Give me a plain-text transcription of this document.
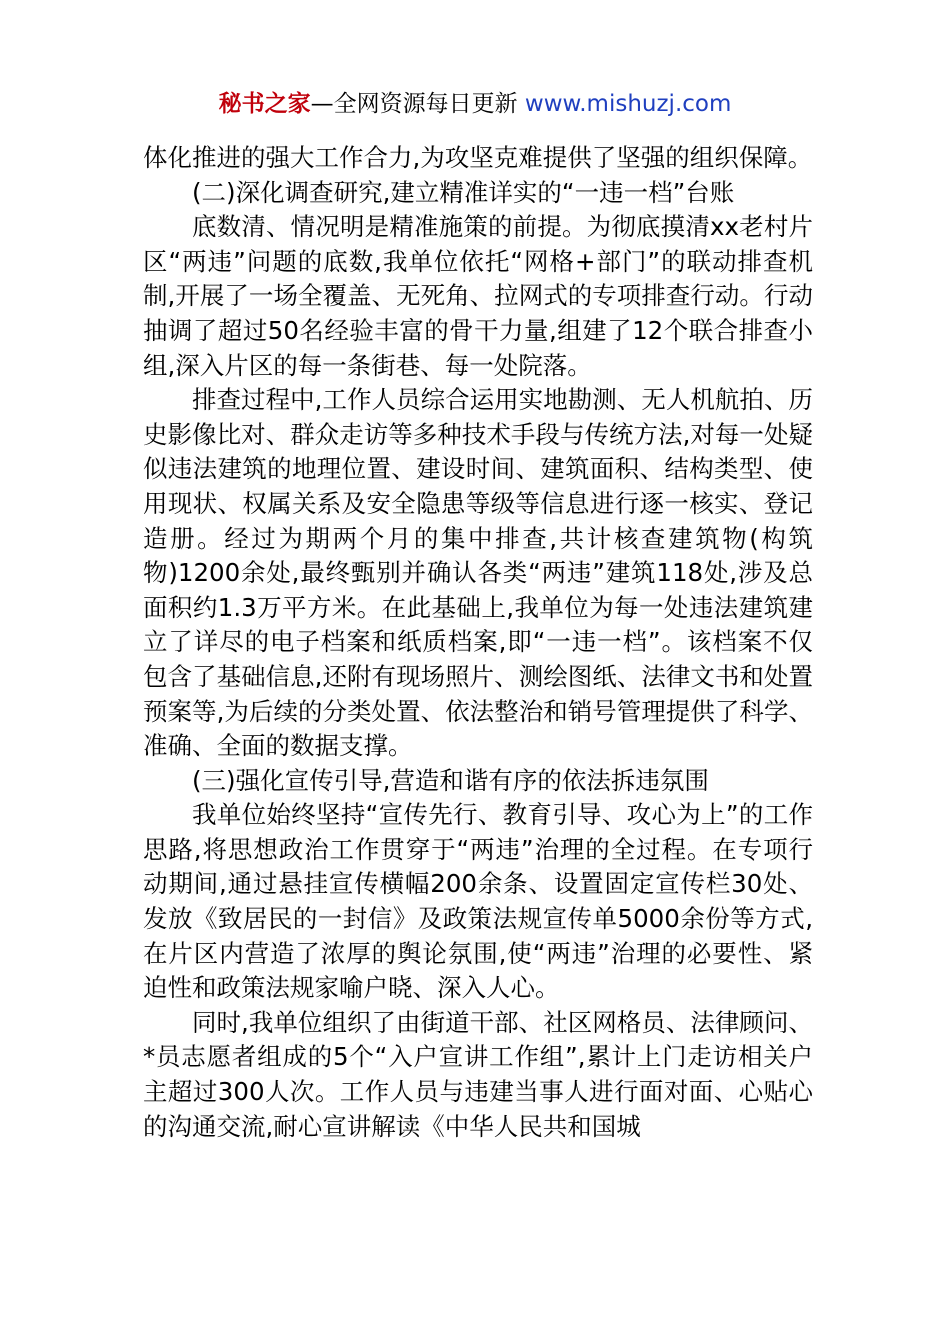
秘书之家—全网资源每日更新 www.mishuzj.com

体化推进的强大工作合力,为攻坚克难提供了坚强的组织保障。

(二)深化调查研究,建立精准详实的“一违一档”台账

底数清、情况明是精准施策的前提。为彻底摸清xx老村片区“两违”问题的底数,我单位依托“网格+部门”的联动排查机制,开展了一场全覆盖、无死角、拉网式的专项排查行动。行动抽调了超过50名经验丰富的骨干力量,组建了12个联合排查小组,深入片区的每一条街巷、每一处院落。

排查过程中,工作人员综合运用实地勘测、无人机航拍、历史影像比对、群众走访等多种技术手段与传统方法,对每一处疑似违法建筑的地理位置、建设时间、建筑面积、结构类型、使用现状、权属关系及安全隐患等级等信息进行逐一核实、登记造册。经过为期两个月的集中排查,共计核查建筑物(构筑物)1200余处,最终甄别并确认各类“两违”建筑118处,涉及总面积约1.3万平方米。在此基础上,我单位为每一处违法建筑建立了详尽的电子档案和纸质档案,即“一违一档”。该档案不仅包含了基础信息,还附有现场照片、测绘图纸、法律文书和处置预案等,为后续的分类处置、依法整治和销号管理提供了科学、准确、全面的数据支撑。

(三)强化宣传引导,营造和谐有序的依法拆违氛围

我单位始终坚持“宣传先行、教育引导、攻心为上”的工作思路,将思想政治工作贯穿于“两违”治理的全过程。在专项行动期间,通过悬挂宣传横幅200余条、设置固定宣传栏30处、发放《致居民的一封信》及政策法规宣传单5000余份等方式,在片区内营造了浓厚的舆论氛围,使“两违”治理的必要性、紧迫性和政策法规家喻户晓、深入人心。

同时,我单位组织了由街道干部、社区网格员、法律顾问、*员志愿者组成的5个“入户宣讲工作组”,累计上门走访相关户主超过300人次。工作人员与违建当事人进行面对面、心贴心的沟通交流,耐心宣讲解读《中华人民共和国城
